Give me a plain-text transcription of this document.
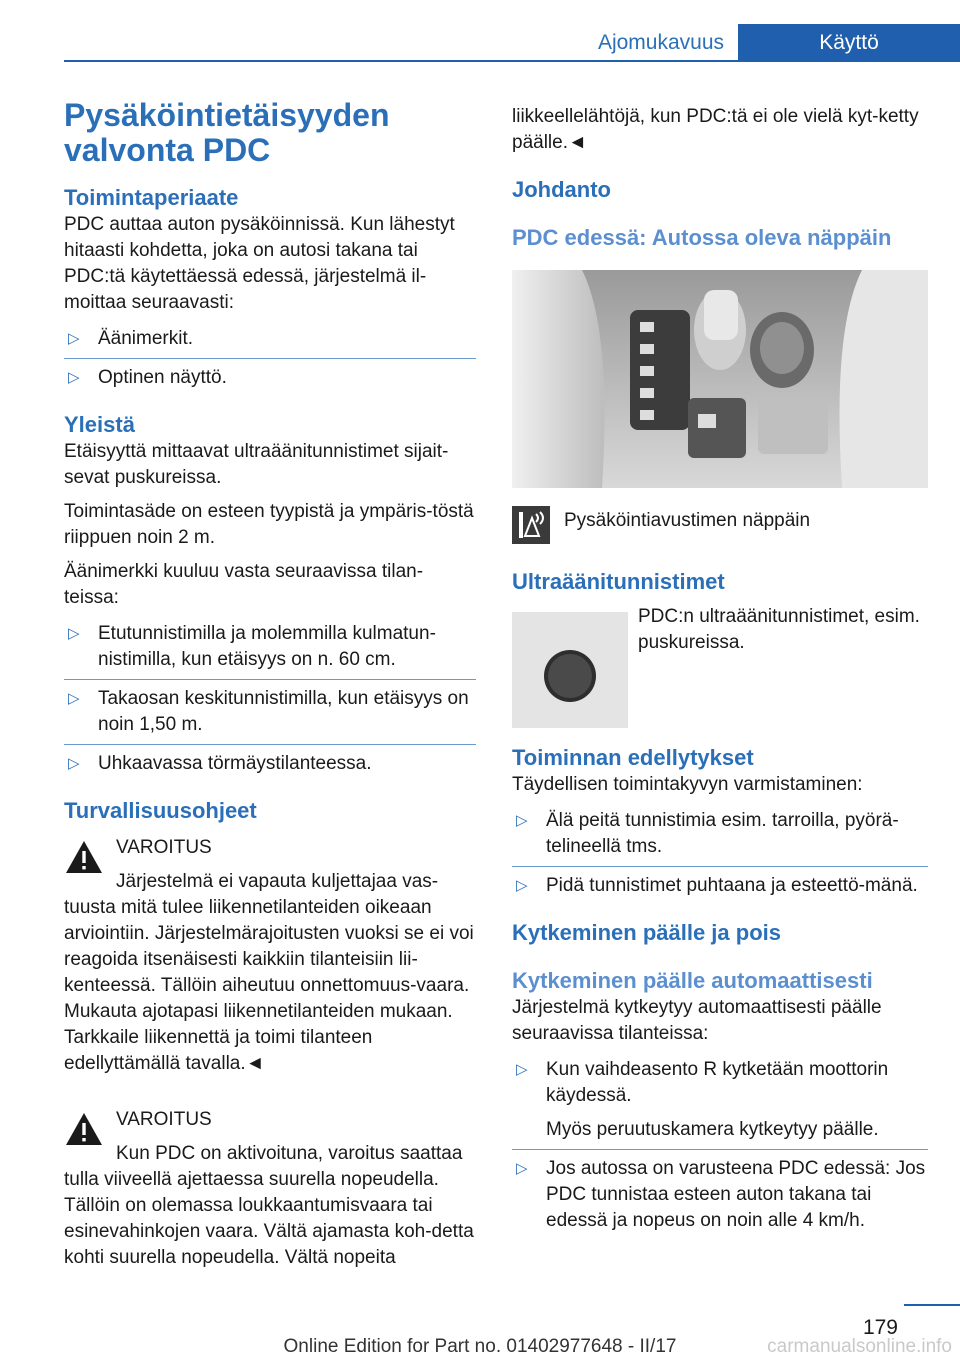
Ajomukavuus	Käyttö
Pysäköintietäisyyden valvonta PDC
Toimintaperiaate

PDC auttaa auton pysäköinnissä. Kun lähestyt hitaasti kohdetta, joka on autosi takana tai PDC:tä käytettäessä edessä, järjestelmä il-moittaa seuraavasti:

▷ Äänimerkit.
▷ Optinen näyttö.
Yleistä

Etäisyyttä mittaavat ultraäänitunnistimet sijait-sevat puskureissa.

Toimintasäde on esteen tyypistä ja ympäris-töstä riippuen noin 2 m.

Äänimerkki kuuluu vasta seuraavissa tilan-teissa:

▷ Etutunnistimilla ja molemmilla kulmatun-nistimilla, kun etäisyys on n. 60 cm.
▷ Takaosan keskitunnistimilla, kun etäisyys on noin 1,50 m.
▷ Uhkaavassa törmäystilanteessa.
Turvallisuusohjeet
VAROITUS
Järjestelmä ei vapauta kuljettajaa vas-

tuusta mitä tulee liikennetilanteiden oikeaan arviointiin. Järjestelmärajoitusten vuoksi se ei voi reagoida itsenäisesti kaikkiin tilanteisiin lii-kenteessä. Tällöin aiheutuu onnettomuus-vaara. Mukauta ajotapasi liikennetilanteiden mukaan. Tarkkaile liikennettä ja toimi tilanteen edellyttämällä tavalla.◄

VAROITUS
Kun PDC on aktivoituna, varoitus saattaa

tulla viiveellä ajettaessa suurella nopeudella. Tällöin on olemassa loukkaantumisvaara tai esinevahinkojen vaara. Vältä ajamasta koh-detta kohti suurella nopeudella. Vältä nopeita

liikkeellelähtöjä, kun PDC:tä ei ole vielä kyt-ketty päälle.◄

Johdanto
PDC edessä: Autossa oleva näppäin
Pysäköintiavustimen näppäin
Ultraäänitunnistimet
PDC:n ultraäänitunnistimet, esim. puskureissa.
Toiminnan edellytykset

Täydellisen toimintakyvyn varmistaminen:

▷ Älä peitä tunnistimia esim. tarroilla, pyörä-telineellä tms.
▷ Pidä tunnistimet puhtaana ja esteettö-mänä.
Kytkeminen päälle ja pois
Kytkeminen päälle automaattisesti

Järjestelmä kytkeytyy automaattisesti päälle seuraavissa tilanteissa:

▷ Kun vaihdeasento R kytketään moottorin käydessä.
Myös peruutuskamera kytkeytyy päälle.
▷ Jos autossa on varusteena PDC edessä: Jos PDC tunnistaa esteen auton takana tai edessä ja nopeus on noin alle 4 km/h.
179
Online Edition for Part no. 01402977648 - II/17	carmanualsonline.info
